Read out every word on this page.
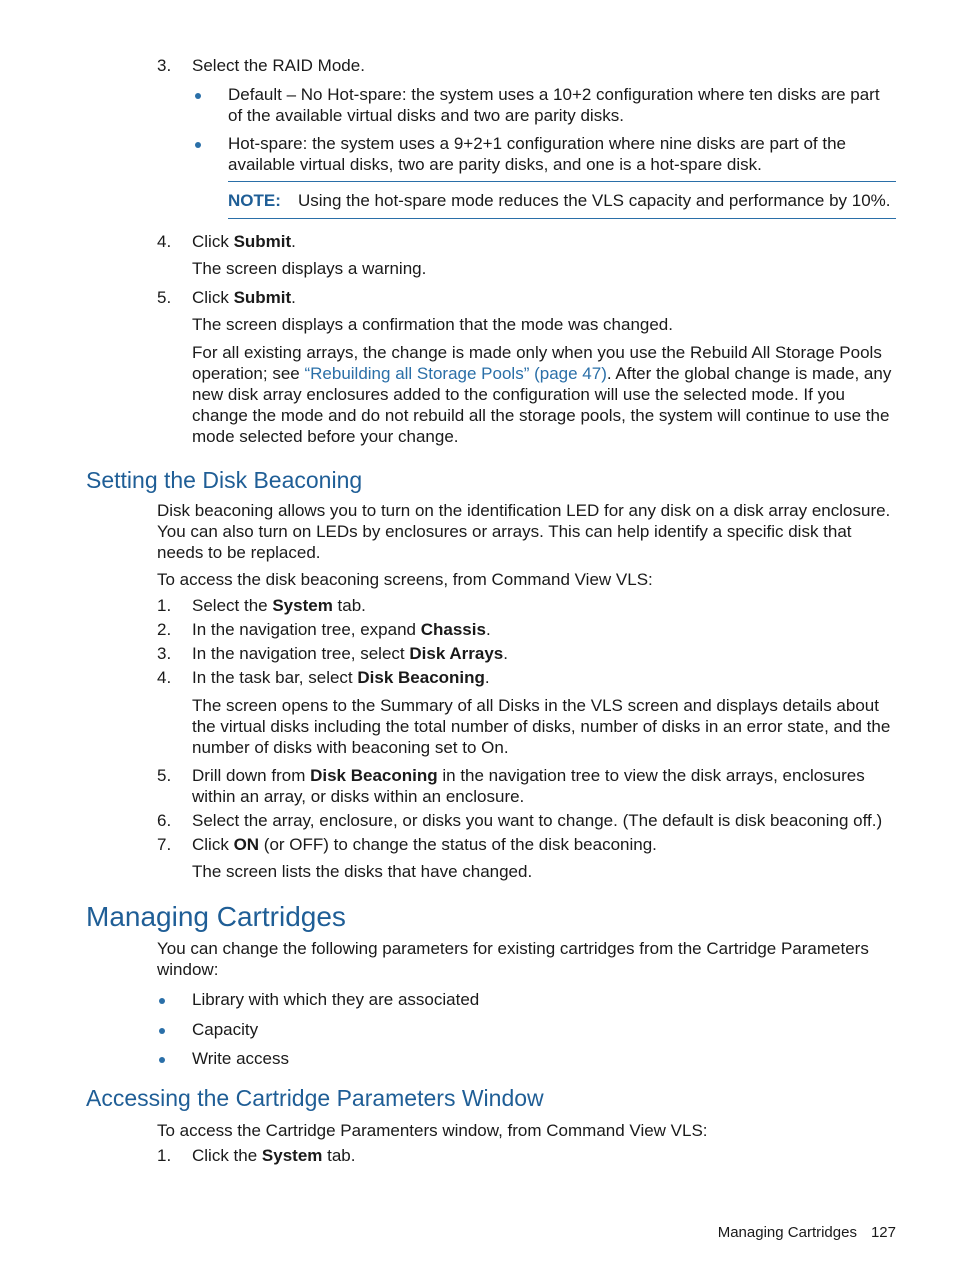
3. Select the RAID Mode.
Default – No Hot-spare: the system uses a 10+2 configuration where ten disks are part of the available virtual disks and two are parity disks.
Hot-spare: the system uses a 9+2+1 configuration where nine disks are part of the available virtual disks, two are parity disks, and one is a hot-spare disk.
NOTE: Using the hot-spare mode reduces the VLS capacity and performance by 10%.
4. Click Submit.
The screen displays a warning.
5. Click Submit.
The screen displays a confirmation that the mode was changed.
For all existing arrays, the change is made only when you use the Rebuild All Storage Pools operation; see “Rebuilding all Storage Pools” (page 47). After the global change is made, any new disk array enclosures added to the configuration will use the selected mode. If you change the mode and do not rebuild all the storage pools, the system will continue to use the mode selected before your change.
Setting the Disk Beaconing
Disk beaconing allows you to turn on the identification LED for any disk on a disk array enclosure. You can also turn on LEDs by enclosures or arrays. This can help identify a specific disk that needs to be replaced.
To access the disk beaconing screens, from Command View VLS:
1. Select the System tab.
2. In the navigation tree, expand Chassis.
3. In the navigation tree, select Disk Arrays.
4. In the task bar, select Disk Beaconing.
The screen opens to the Summary of all Disks in the VLS screen and displays details about the virtual disks including the total number of disks, number of disks in an error state, and the number of disks with beaconing set to On.
5. Drill down from Disk Beaconing in the navigation tree to view the disk arrays, enclosures within an array, or disks within an enclosure.
6. Select the array, enclosure, or disks you want to change. (The default is disk beaconing off.)
7. Click ON (or OFF) to change the status of the disk beaconing.
The screen lists the disks that have changed.
Managing Cartridges
You can change the following parameters for existing cartridges from the Cartridge Parameters window:
Library with which they are associated
Capacity
Write access
Accessing the Cartridge Parameters Window
To access the Cartridge Paramenters window, from Command View VLS:
1. Click the System tab.
Managing Cartridges 127
